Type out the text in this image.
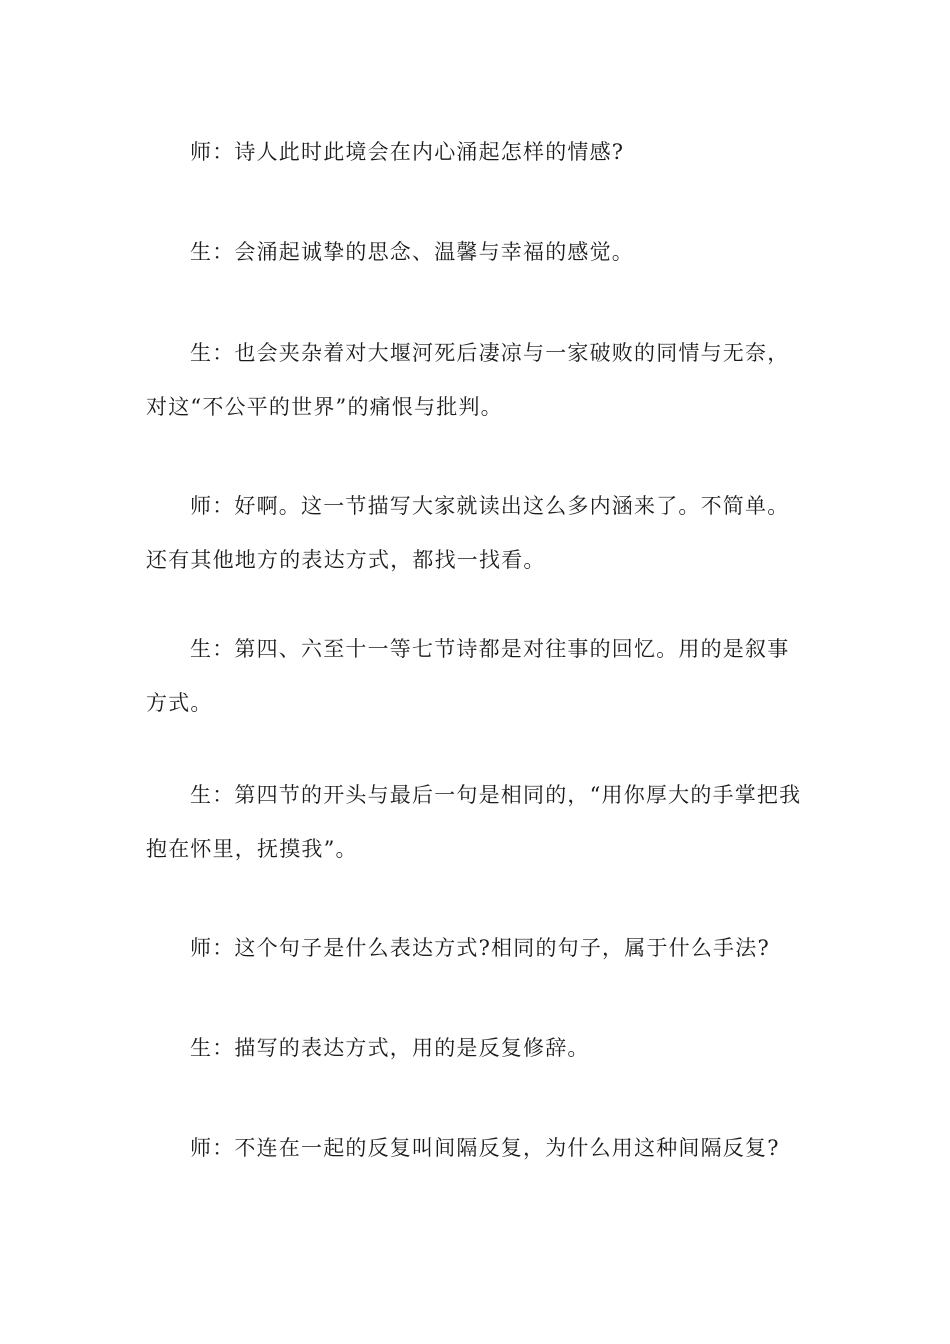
师：诗人此时此境会在内心涌起怎样的情感?

生：会涌起诚挚的思念、温馨与幸福的感觉。

生：也会夹杂着对大堰河死后凄凉与一家破败的同情与无奈，对这“不公平的世界”的痛恨与批判。

师：好啊。这一节描写大家就读出这么多内涵来了。不简单。还有其他地方的表达方式，都找一找看。

生：第四、六至十一等七节诗都是对往事的回忆。用的是叙事方式。

生：第四节的开头与最后一句是相同的，“用你厚大的手掌把我抱在怀里，抚摸我”。

师：这个句子是什么表达方式?相同的句子，属于什么手法?

生：描写的表达方式，用的是反复修辞。

师：不连在一起的反复叫间隔反复，为什么用这种间隔反复?
